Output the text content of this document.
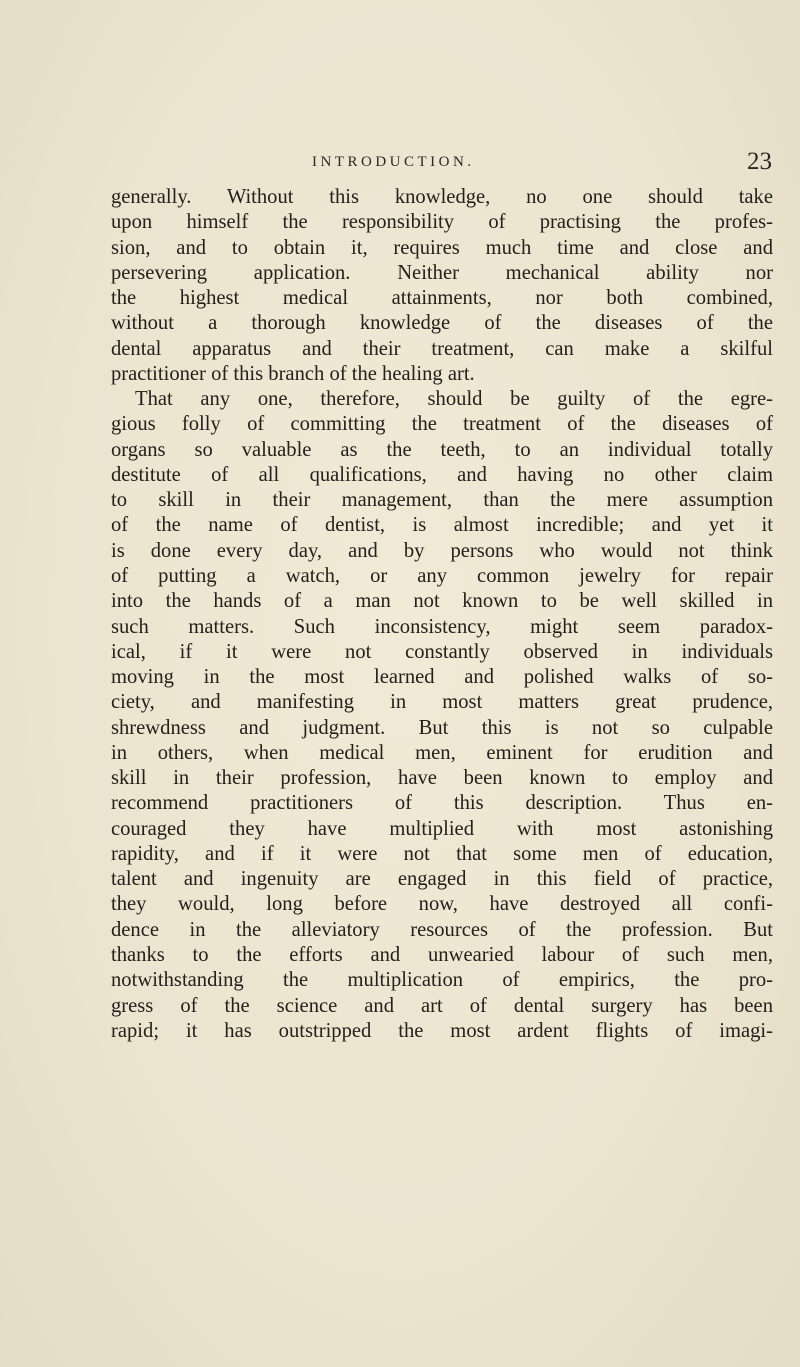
INTRODUCTION.	23
generally. Without this knowledge, no one should take
upon himself the responsibility of practising the profes-
sion, and to obtain it, requires much time and close and
persevering application. Neither mechanical ability nor
the highest medical attainments, nor both combined,
without a thorough knowledge of the diseases of the
dental apparatus and their treatment, can make a skilful
practitioner of this branch of the healing art.
That any one, therefore, should be guilty of the egre-
gious folly of committing the treatment of the diseases of
organs so valuable as the teeth, to an individual totally
destitute of all qualifications, and having no other claim
to skill in their management, than the mere assumption
of the name of dentist, is almost incredible; and yet it
is done every day, and by persons who would not think
of putting a watch, or any common jewelry for repair
into the hands of a man not known to be well skilled in
such matters. Such inconsistency, might seem paradox-
ical, if it were not constantly observed in individuals
moving in the most learned and polished walks of so-
ciety, and manifesting in most matters great prudence,
shrewdness and judgment. But this is not so culpable
in others, when medical men, eminent for erudition and
skill in their profession, have been known to employ and
recommend practitioners of this description. Thus en-
couraged they have multiplied with most astonishing
rapidity, and if it were not that some men of education,
talent and ingenuity are engaged in this field of practice,
they would, long before now, have destroyed all confi-
dence in the alleviatory resources of the profession. But
thanks to the efforts and unwearied labour of such men,
notwithstanding the multiplication of empirics, the pro-
gress of the science and art of dental surgery has been
rapid; it has outstripped the most ardent flights of imagi-
